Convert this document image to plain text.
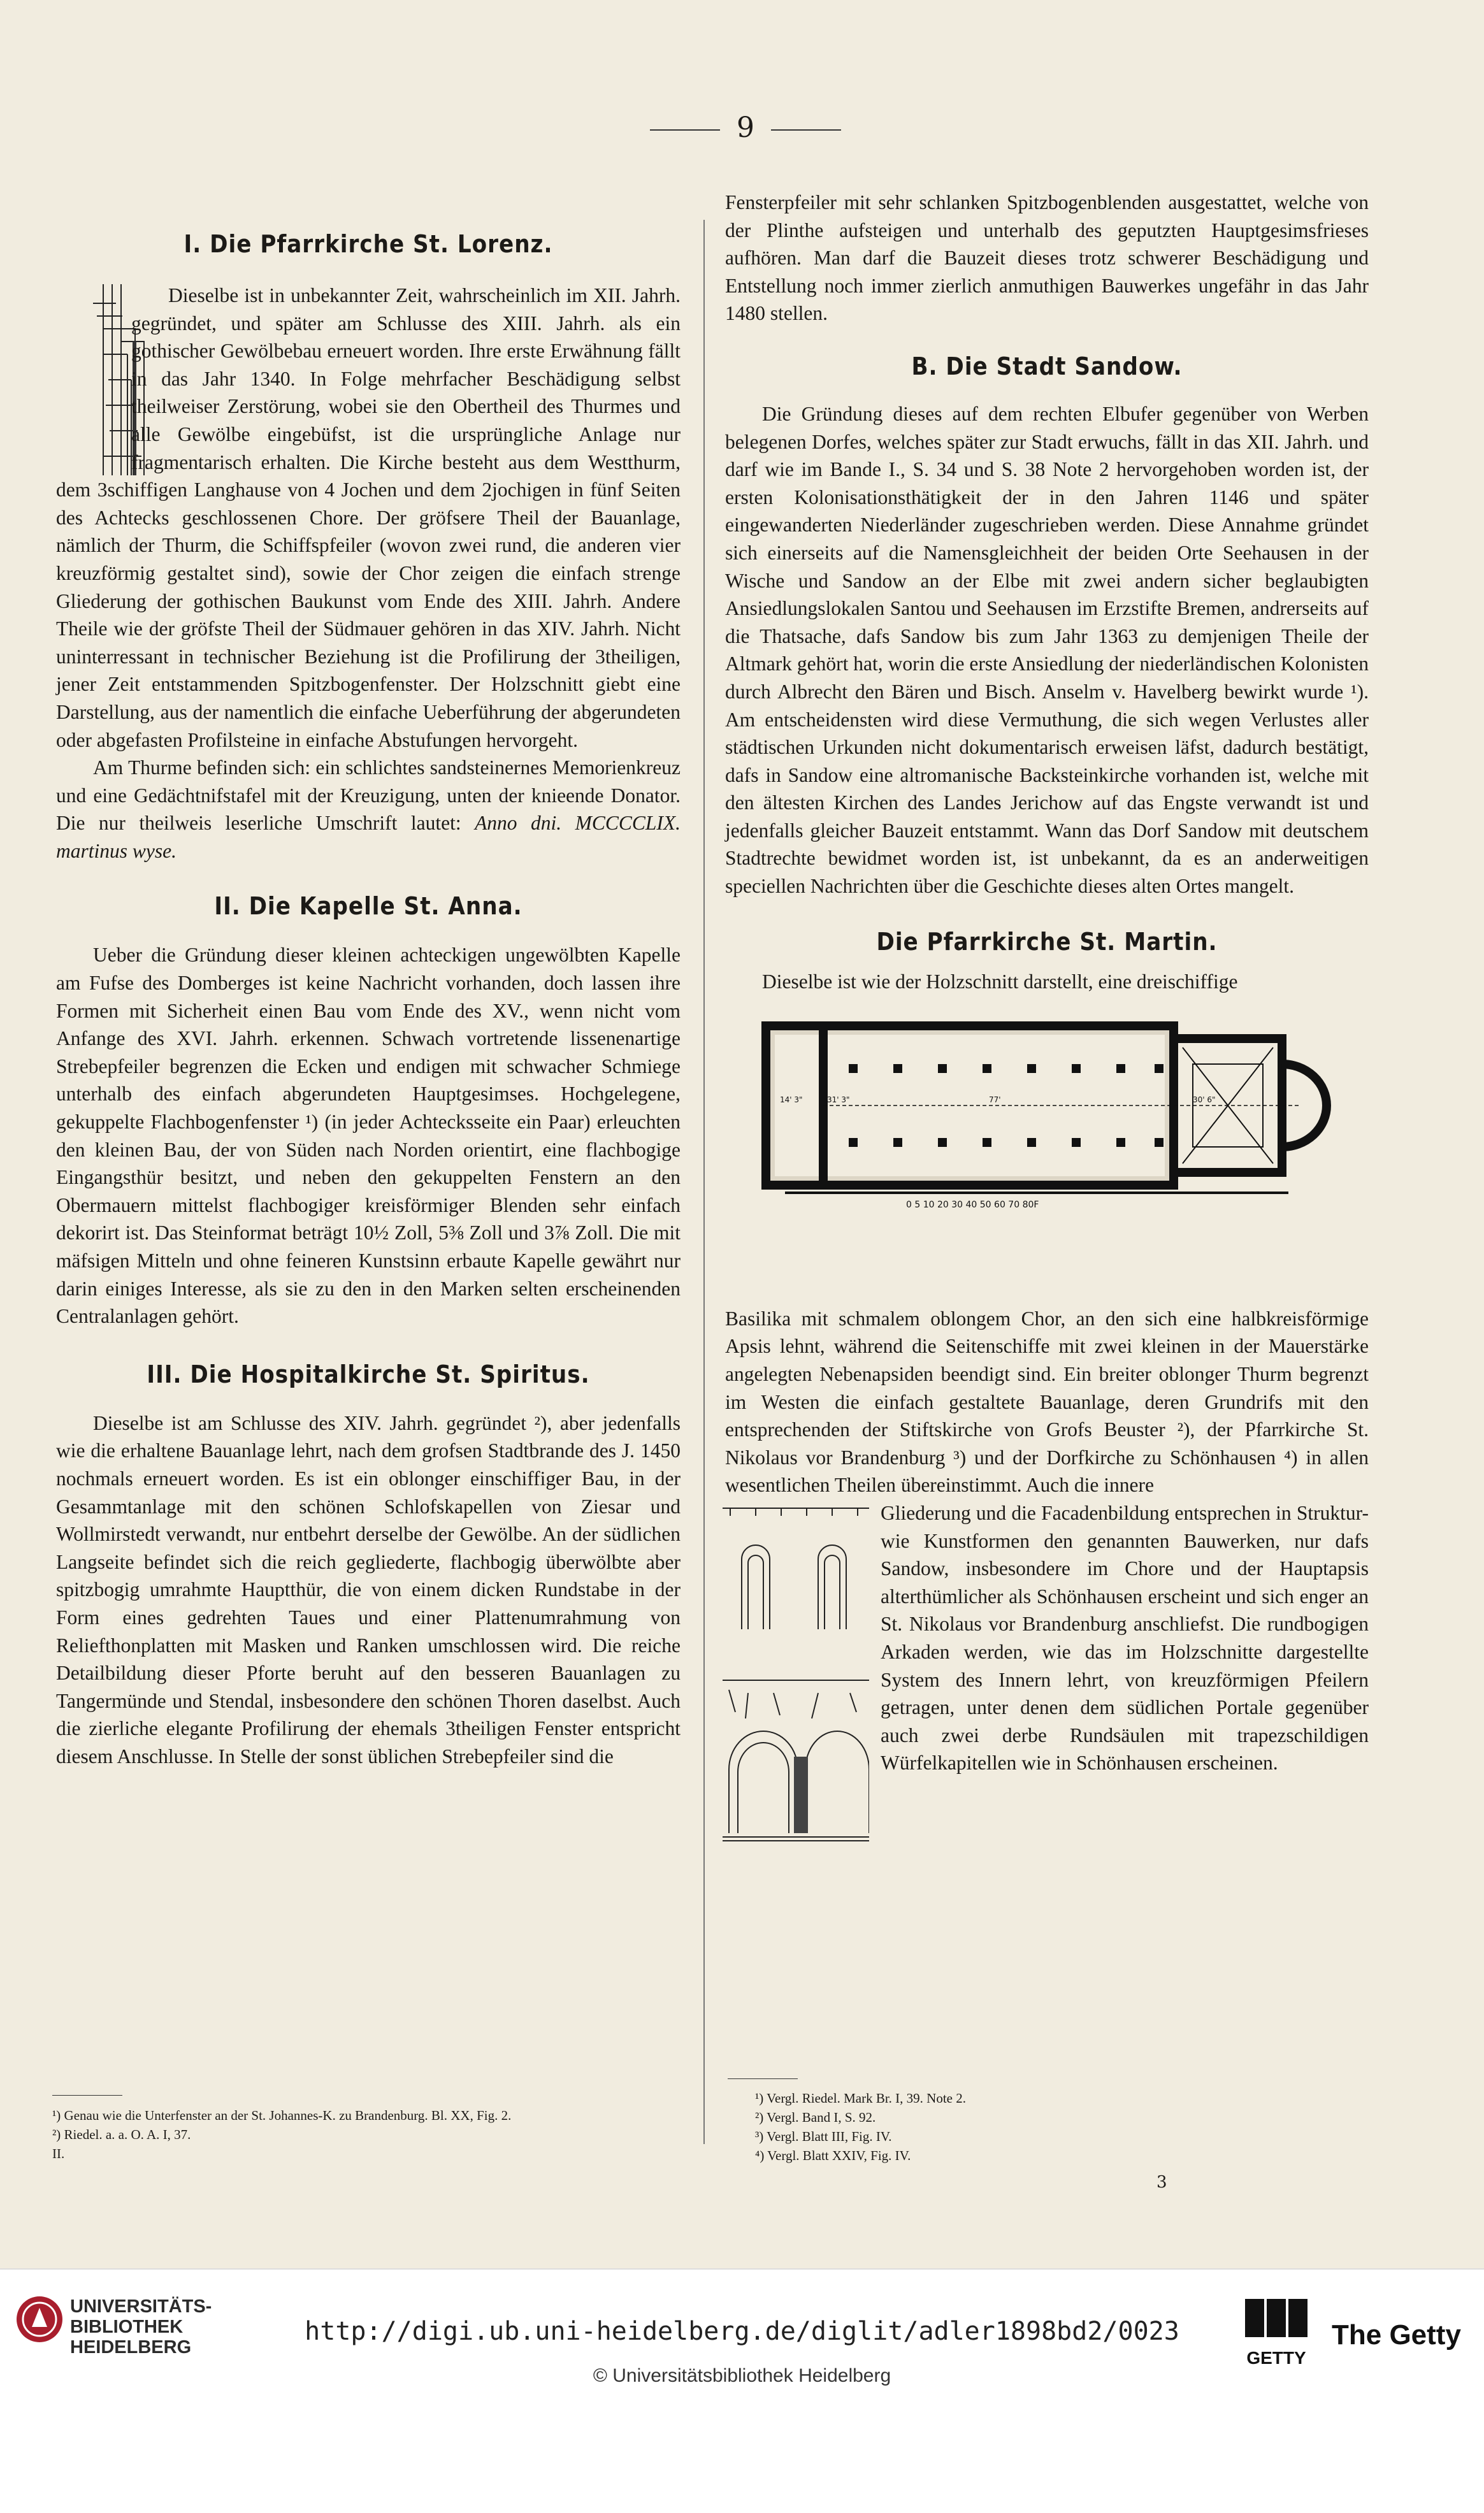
9
I. Die Pfarrkirche St. Lorenz.

Dieselbe ist in unbekannter Zeit, wahrscheinlich im XII. Jahrh. gegründet, und später am Schlusse des XIII. Jahrh. als ein gothischer Gewölbebau erneuert worden. Ihre erste Erwähnung fällt in das Jahr 1340. In Folge mehrfacher Beschädigung selbst theilweiser Zerstörung, wobei sie den Obertheil des Thurmes und alle Gewölbe eingebüfst, ist die ursprüngliche Anlage nur fragmentarisch erhalten. Die Kirche besteht aus dem Westthurm, dem 3schiffigen Langhause von 4 Jochen und dem 2jochigen in fünf Seiten des Achtecks geschlossenen Chore. Der gröfsere Theil der Bauanlage, nämlich der Thurm, die Schiffspfeiler (wovon zwei rund, die anderen vier kreuzförmig gestaltet sind), sowie der Chor zeigen die einfach strenge Gliederung der gothischen Baukunst vom Ende des XIII. Jahrh. Andere Theile wie der gröfste Theil der Südmauer gehören in das XIV. Jahrh. Nicht uninterressant in technischer Beziehung ist die Profilirung der 3theiligen, jener Zeit entstammenden Spitzbogenfenster. Der Holzschnitt giebt eine Darstellung, aus der namentlich die einfache Ueberführung der abgerundeten oder abgefasten Profilsteine in einfache Abstufungen hervorgeht.

Am Thurme befinden sich: ein schlichtes sandsteinernes Memorienkreuz und eine Gedächtnifstafel mit der Kreuzigung, unten der knieende Donator. Die nur theilweis leserliche Umschrift lautet: Anno dni. MCCCCLIX. martinus wyse.

II. Die Kapelle St. Anna.

Ueber die Gründung dieser kleinen achteckigen ungewölbten Kapelle am Fufse des Domberges ist keine Nachricht vorhanden, doch lassen ihre Formen mit Sicherheit einen Bau vom Ende des XV., wenn nicht vom Anfange des XVI. Jahrh. erkennen. Schwach vortretende lissenenartige Strebepfeiler begrenzen die Ecken und endigen mit schwacher Schmiege unterhalb des einfach abgerundeten Hauptgesimses. Hochgelegene, gekuppelte Flachbogenfenster ¹) (in jeder Achtecksseite ein Paar) erleuchten den kleinen Bau, der von Süden nach Norden orientirt, eine flachbogige Eingangsthür besitzt, und neben den gekuppelten Fenstern an den Obermauern mittelst flachbogiger kreisförmiger Blenden sehr einfach dekorirt ist. Das Steinformat beträgt 10½ Zoll, 5⅜ Zoll und 3⅞ Zoll. Die mit mäfsigen Mitteln und ohne feineren Kunstsinn erbaute Kapelle gewährt nur darin einiges Interesse, als sie zu den in den Marken selten erscheinenden Centralanlagen gehört.

III. Die Hospitalkirche St. Spiritus.

Dieselbe ist am Schlusse des XIV. Jahrh. gegründet ²), aber jedenfalls wie die erhaltene Bauanlage lehrt, nach dem grofsen Stadtbrande des J. 1450 nochmals erneuert worden. Es ist ein oblonger einschiffiger Bau, in der Gesammtanlage mit den schönen Schlofskapellen von Ziesar und Wollmirstedt verwandt, nur entbehrt derselbe der Gewölbe. An der südlichen Langseite befindet sich die reich gegliederte, flachbogig überwölbte aber spitzbogig umrahmte Hauptthür, die von einem dicken Rundstabe in der Form eines gedrehten Taues und einer Plattenumrahmung von Reliefthonplatten mit Masken und Ranken umschlossen wird. Die reiche Detailbildung dieser Pforte beruht auf den besseren Bauanlagen zu Tangermünde und Stendal, insbesondere den schönen Thoren daselbst. Auch die zierliche elegante Profilirung der ehemals 3theiligen Fenster entspricht diesem Anschlusse. In Stelle der sonst üblichen Strebepfeiler sind die

¹) Genau wie die Unterfenster an der St. Johannes-K. zu Brandenburg. Bl. XX, Fig. 2.
²) Riedel. a. a. O. A. I, 37.
II.

Fensterpfeiler mit sehr schlanken Spitzbogenblenden ausgestattet, welche von der Plinthe aufsteigen und unterhalb des geputzten Hauptgesimsfrieses aufhören. Man darf die Bauzeit dieses trotz schwerer Beschädigung und Entstellung noch immer zierlich anmuthigen Bauwerkes ungefähr in das Jahr 1480 stellen.

B. Die Stadt Sandow.

Die Gründung dieses auf dem rechten Elbufer gegenüber von Werben belegenen Dorfes, welches später zur Stadt erwuchs, fällt in das XII. Jahrh. und darf wie im Bande I., S. 34 und S. 38 Note 2 hervorgehoben worden ist, der ersten Kolonisationsthätigkeit der in den Jahren 1146 und später eingewanderten Niederländer zugeschrieben werden. Diese Annahme gründet sich einerseits auf die Namensgleichheit der beiden Orte Seehausen in der Wische und Sandow an der Elbe mit zwei andern sicher beglaubigten Ansiedlungslokalen Santou und Seehausen im Erzstifte Bremen, andrerseits auf die Thatsache, dafs Sandow bis zum Jahr 1363 zu demjenigen Theile der Altmark gehört hat, worin die erste Ansiedlung der niederländischen Kolonisten durch Albrecht den Bären und Bisch. Anselm v. Havelberg bewirkt wurde ¹). Am entscheidensten wird diese Vermuthung, die sich wegen Verlustes aller städtischen Urkunden nicht dokumentarisch erweisen läfst, dadurch bestätigt, dafs in Sandow eine altromanische Backsteinkirche vorhanden ist, welche mit den ältesten Kirchen des Landes Jerichow auf das Engste verwandt ist und jedenfalls gleicher Bauzeit entstammt. Wann das Dorf Sandow mit deutschem Stadtrechte bewidmet worden ist, ist unbekannt, da es an anderweitigen speciellen Nachrichten über die Geschichte dieses alten Ortes mangelt.

Die Pfarrkirche St. Martin.

Dieselbe ist wie der Holzschnitt darstellt, eine dreischiffige

14' 3"	31' 3"	77'	30' 6"
0 5 10 20 30 40 50 60 70 80F

Basilika mit schmalem oblongem Chor, an den sich eine halbkreisförmige Apsis lehnt, während die Seitenschiffe mit zwei kleinen in der Mauerstärke angelegten Nebenapsiden beendigt sind. Ein breiter oblonger Thurm begrenzt im Westen die einfach gestaltete Bauanlage, deren Grundrifs mit den entsprechenden der Stiftskirche von Grofs Beuster ²), der Pfarrkirche St. Nikolaus vor Brandenburg ³) und der Dorfkirche zu Schönhausen ⁴) in allen wesentlichen Theilen übereinstimmt. Auch die innere

Gliederung und die Facadenbildung entsprechen in Struktur- wie Kunstformen den genannten Bauwerken, nur dafs Sandow, insbesondere im Chore und der Hauptapsis alterthümlicher als Schönhausen erscheint und sich enger an St. Nikolaus vor Brandenburg anschliefst. Die rundbogigen Arkaden werden, wie das im Holzschnitte dargestellte System des Innern lehrt, von kreuzförmigen Pfeilern getragen, unter denen dem südlichen Portale gegenüber auch zwei derbe Rundsäulen mit trapezschildigen Würfelkapitellen wie in Schönhausen erscheinen.

¹) Vergl. Riedel. Mark Br. I, 39. Note 2.
²) Vergl. Band I, S. 92.
³) Vergl. Blatt III, Fig. IV.
⁴) Vergl. Blatt XXIV, Fig. IV.
3
UNIVERSITÄTS-
BIBLIOTHEK
HEIDELBERG
http://digi.ub.uni-heidelberg.de/diglit/adler1898bd2/0023
© Universitätsbibliothek Heidelberg
GETTY
The Getty
